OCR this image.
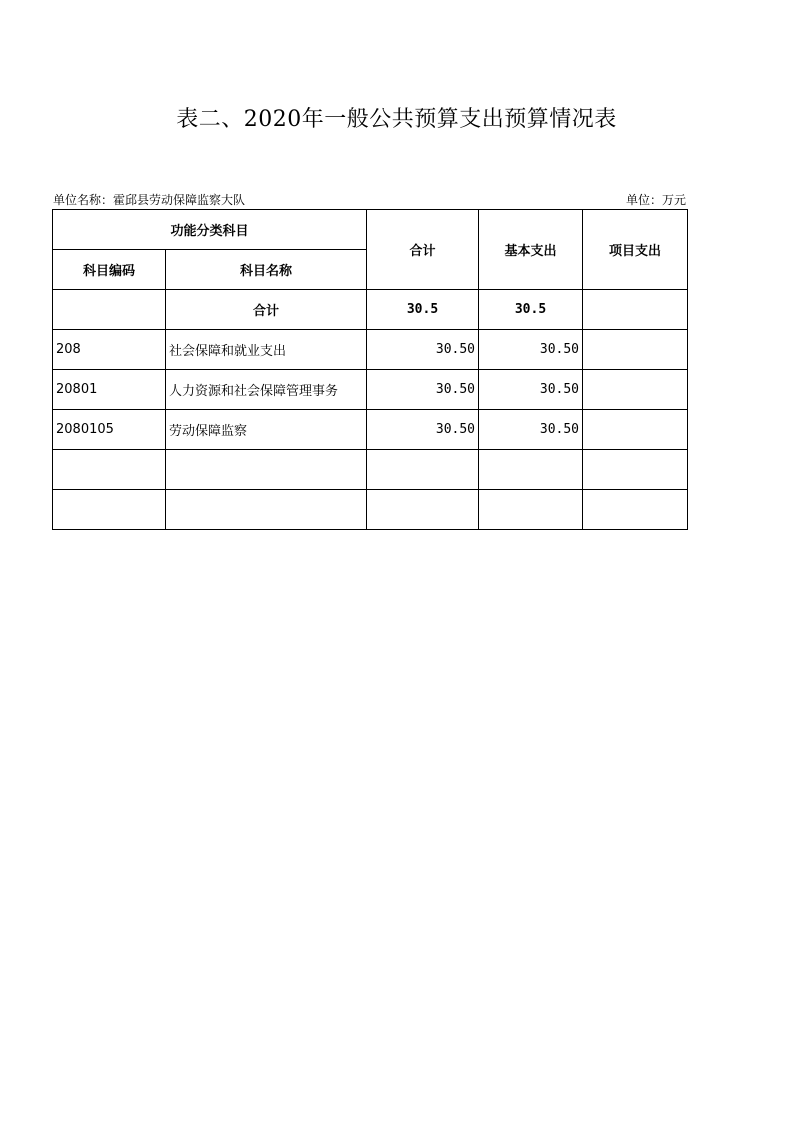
表二、2020年一般公共预算支出预算情况表
单位名称：霍邱县劳动保障监察大队	单位：万元
功能分类科目		合计	基本支出	项目支出
科目编码	科目名称			
	合计	30.5	30.5	
208	社会保障和就业支出	30.50	30.50	
20801	人力资源和社会保障管理事务	30.50	30.50	
2080105	劳动保障监察	30.50	30.50	
